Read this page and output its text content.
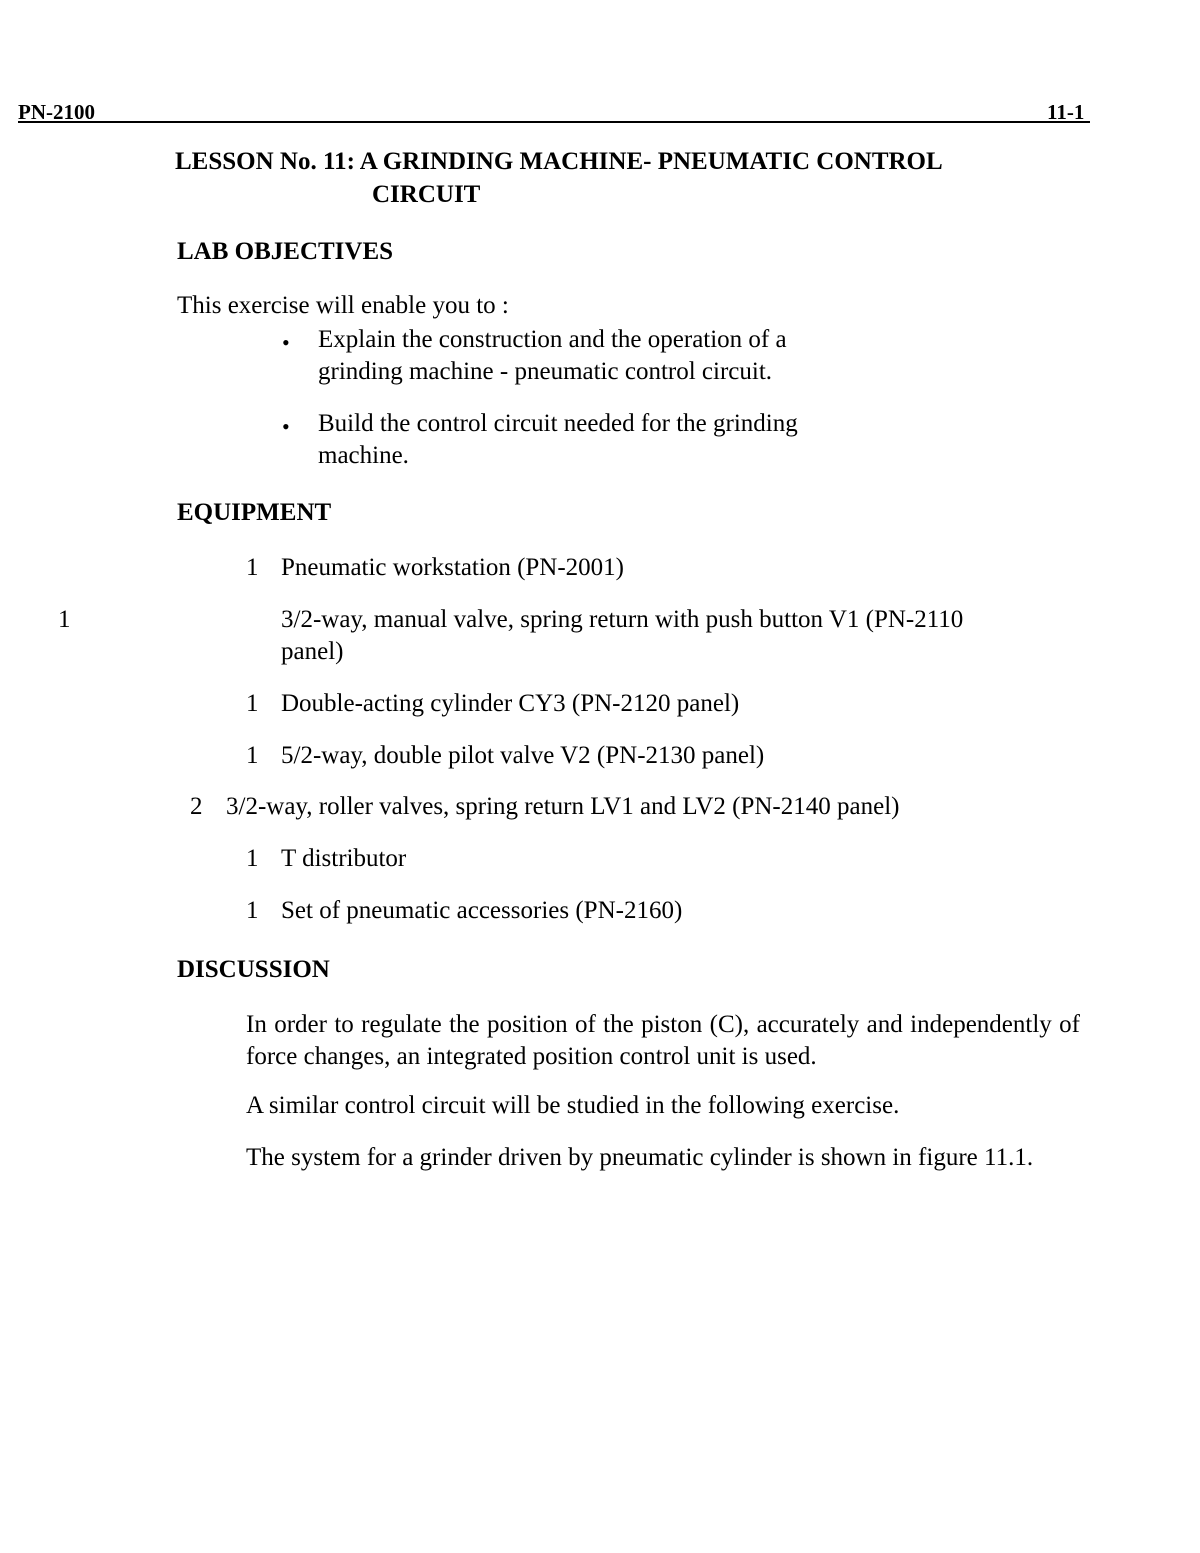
PN-2100	11-1
LESSON No. 11: A GRINDING MACHINE- PNEUMATIC CONTROL
CIRCUIT
LAB OBJECTIVES
This exercise will enable you to :
• Explain the construction and the operation of a
grinding machine - pneumatic control circuit.
• Build the control circuit needed for the grinding
machine.
EQUIPMENT
1 Pneumatic workstation (PN-2001)
1	3/2-way, manual valve, spring return with push button V1 (PN-2110
panel)
1 Double-acting cylinder CY3 (PN-2120 panel)
1 5/2-way, double pilot valve V2 (PN-2130 panel)
2 3/2-way, roller valves, spring return LV1 and LV2 (PN-2140 panel)
1 T distributor
1 Set of pneumatic accessories (PN-2160)
DISCUSSION
In order to regulate the position of the piston (C), accurately and independently of force changes, an integrated position control unit is used.
A similar control circuit will be studied in the following exercise.
The system for a grinder driven by pneumatic cylinder is shown in figure 11.1.
